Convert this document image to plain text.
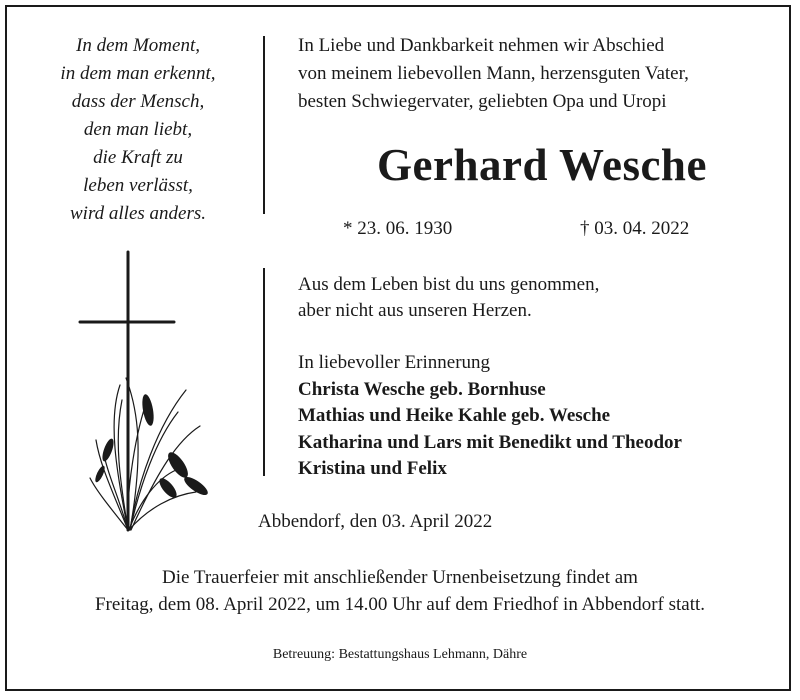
In dem Moment,
in dem man erkennt,
dass der Mensch,
den man liebt,
die Kraft zu
leben verlässt,
wird alles anders.
In Liebe und Dankbarkeit nehmen wir Abschied
von meinem liebevollen Mann, herzensguten Vater,
besten Schwiegervater, geliebten Opa und Uropi
Gerhard Wesche
* 23. 06. 1930	† 03. 04. 2022
Aus dem Leben bist du uns genommen,
aber nicht aus unseren Herzen.
In liebevoller Erinnerung
Christa Wesche geb. Bornhuse
Mathias und Heike Kahle geb. Wesche
Katharina und Lars mit Benedikt und Theodor
Kristina und Felix
Abbendorf, den 03. April 2022
Die Trauerfeier mit anschließender Urnenbeisetzung findet am
Freitag, dem 08. April 2022, um 14.00 Uhr auf dem Friedhof in Abbendorf statt.
Betreuung: Bestattungshaus Lehmann, Dähre
